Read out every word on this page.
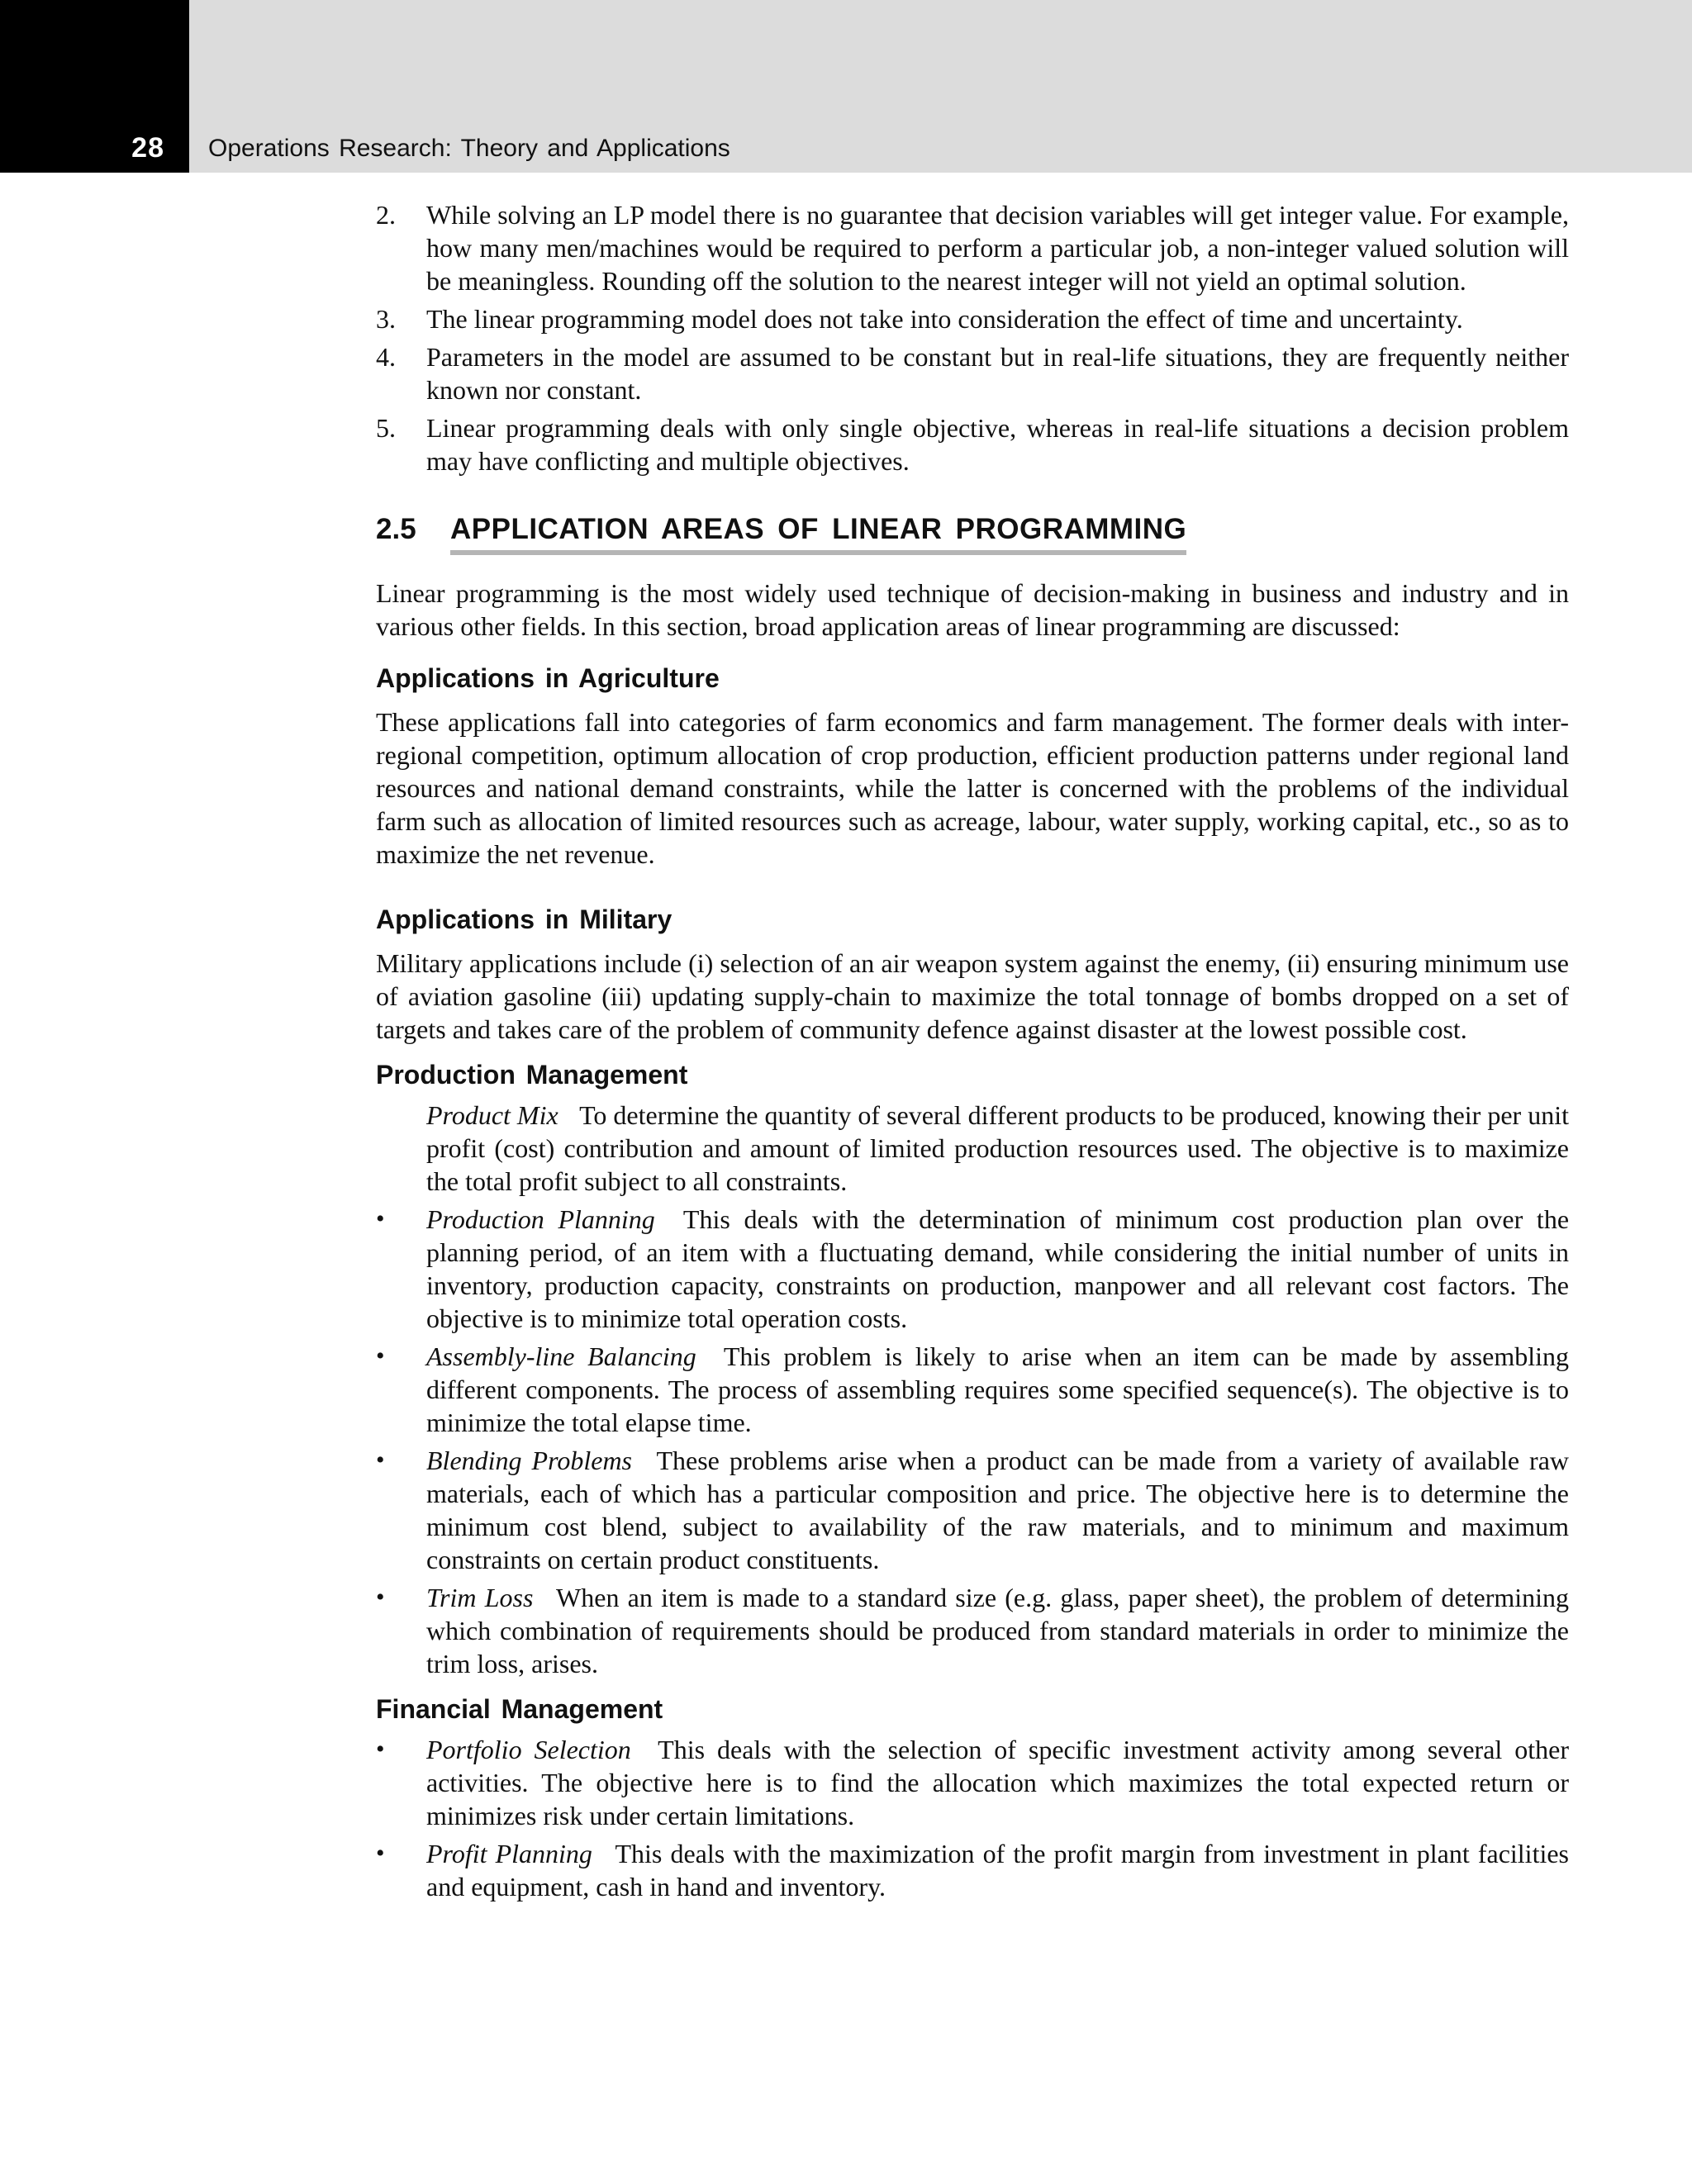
28 Operations Research: Theory and Applications
2.	While solving an LP model there is no guarantee that decision variables will get integer value. For example, how many men/machines would be required to perform a particular job, a non-integer valued solution will be meaningless. Rounding off the solution to the nearest integer will not yield an optimal solution.
3.	The linear programming model does not take into consideration the effect of time and uncertainty.
4.	Parameters in the model are assumed to be constant but in real-life situations, they are frequently neither known nor constant.
5.	Linear programming deals with only single objective, whereas in real-life situations a decision problem may have conflicting and multiple objectives.
2.5	APPLICATION AREAS OF LINEAR PROGRAMMING

Linear programming is the most widely used technique of decision-making in business and industry and in various other fields. In this section, broad application areas of linear programming are discussed:

Applications in Agriculture

These applications fall into categories of farm economics and farm management. The former deals with inter-regional competition, optimum allocation of crop production, efficient production patterns under regional land resources and national demand constraints, while the latter is concerned with the problems of the individual farm such as allocation of limited resources such as acreage, labour, water supply, working capital, etc., so as to maximize the net revenue.

Applications in Military

Military applications include (i) selection of an air weapon system against the enemy, (ii) ensuring minimum use of aviation gasoline (iii) updating supply-chain to maximize the total tonnage of bombs dropped on a set of targets and takes care of the problem of community defence against disaster at the lowest possible cost.

Production Management
Product Mix To determine the quantity of several different products to be produced, knowing their per unit profit (cost) contribution and amount of limited production resources used. The objective is to maximize the total profit subject to all constraints.
•	Production Planning This deals with the determination of minimum cost production plan over the planning period, of an item with a fluctuating demand, while considering the initial number of units in inventory, production capacity, constraints on production, manpower and all relevant cost factors. The objective is to minimize total operation costs.
•	Assembly-line Balancing This problem is likely to arise when an item can be made by assembling different components. The process of assembling requires some specified sequence(s). The objective is to minimize the total elapse time.
•	Blending Problems These problems arise when a product can be made from a variety of available raw materials, each of which has a particular composition and price. The objective here is to determine the minimum cost blend, subject to availability of the raw materials, and to minimum and maximum constraints on certain product constituents.
•	Trim Loss When an item is made to a standard size (e.g. glass, paper sheet), the problem of determining which combination of requirements should be produced from standard materials in order to minimize the trim loss, arises.
Financial Management
•	Portfolio Selection This deals with the selection of specific investment activity among several other activities. The objective here is to find the allocation which maximizes the total expected return or minimizes risk under certain limitations.
•	Profit Planning This deals with the maximization of the profit margin from investment in plant facilities and equipment, cash in hand and inventory.
